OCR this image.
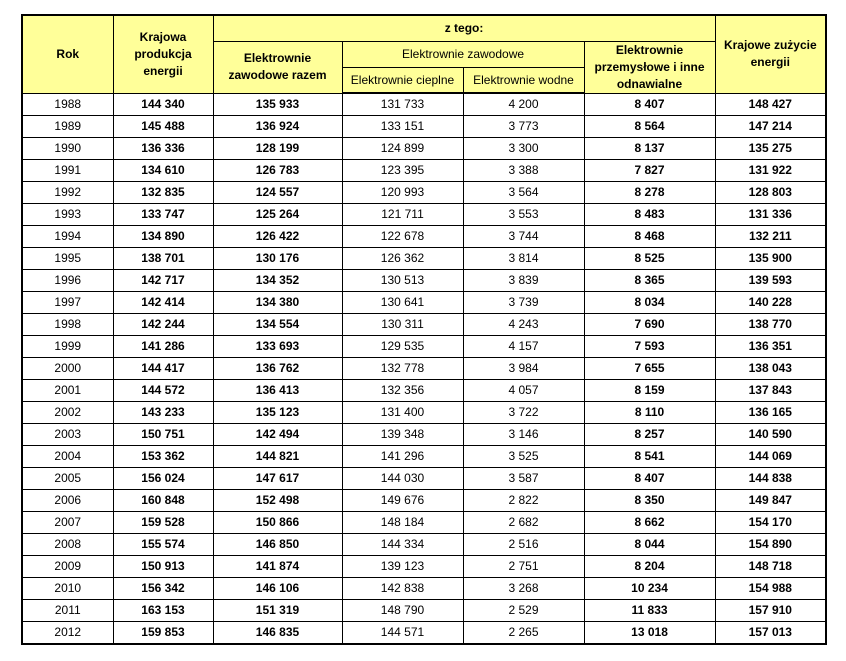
Rok	Krajowa produkcja energii	z tego:				Krajowe zużycie energii
		Elektrownie zawodowe razem	Elektrownie zawodowe		Elektrownie przemysłowe i inne odnawialne	
			Elektrownie cieplne	Elektrownie wodne		
1988	144 340	135 933	131 733	4 200	8 407	148 427
1989	145 488	136 924	133 151	3 773	8 564	147 214
1990	136 336	128 199	124 899	3 300	8 137	135 275
1991	134 610	126 783	123 395	3 388	7 827	131 922
1992	132 835	124 557	120 993	3 564	8 278	128 803
1993	133 747	125 264	121 711	3 553	8 483	131 336
1994	134 890	126 422	122 678	3 744	8 468	132 211
1995	138 701	130 176	126 362	3 814	8 525	135 900
1996	142 717	134 352	130 513	3 839	8 365	139 593
1997	142 414	134 380	130 641	3 739	8 034	140 228
1998	142 244	134 554	130 311	4 243	7 690	138 770
1999	141 286	133 693	129 535	4 157	7 593	136 351
2000	144 417	136 762	132 778	3 984	7 655	138 043
2001	144 572	136 413	132 356	4 057	8 159	137 843
2002	143 233	135 123	131 400	3 722	8 110	136 165
2003	150 751	142 494	139 348	3 146	8 257	140 590
2004	153 362	144 821	141 296	3 525	8 541	144 069
2005	156 024	147 617	144 030	3 587	8 407	144 838
2006	160 848	152 498	149 676	2 822	8 350	149 847
2007	159 528	150 866	148 184	2 682	8 662	154 170
2008	155 574	146 850	144 334	2 516	8 044	154 890
2009	150 913	141 874	139 123	2 751	8 204	148 718
2010	156 342	146 106	142 838	3 268	10 234	154 988
2011	163 153	151 319	148 790	2 529	11 833	157 910
2012	159 853	146 835	144 571	2 265	13 018	157 013
